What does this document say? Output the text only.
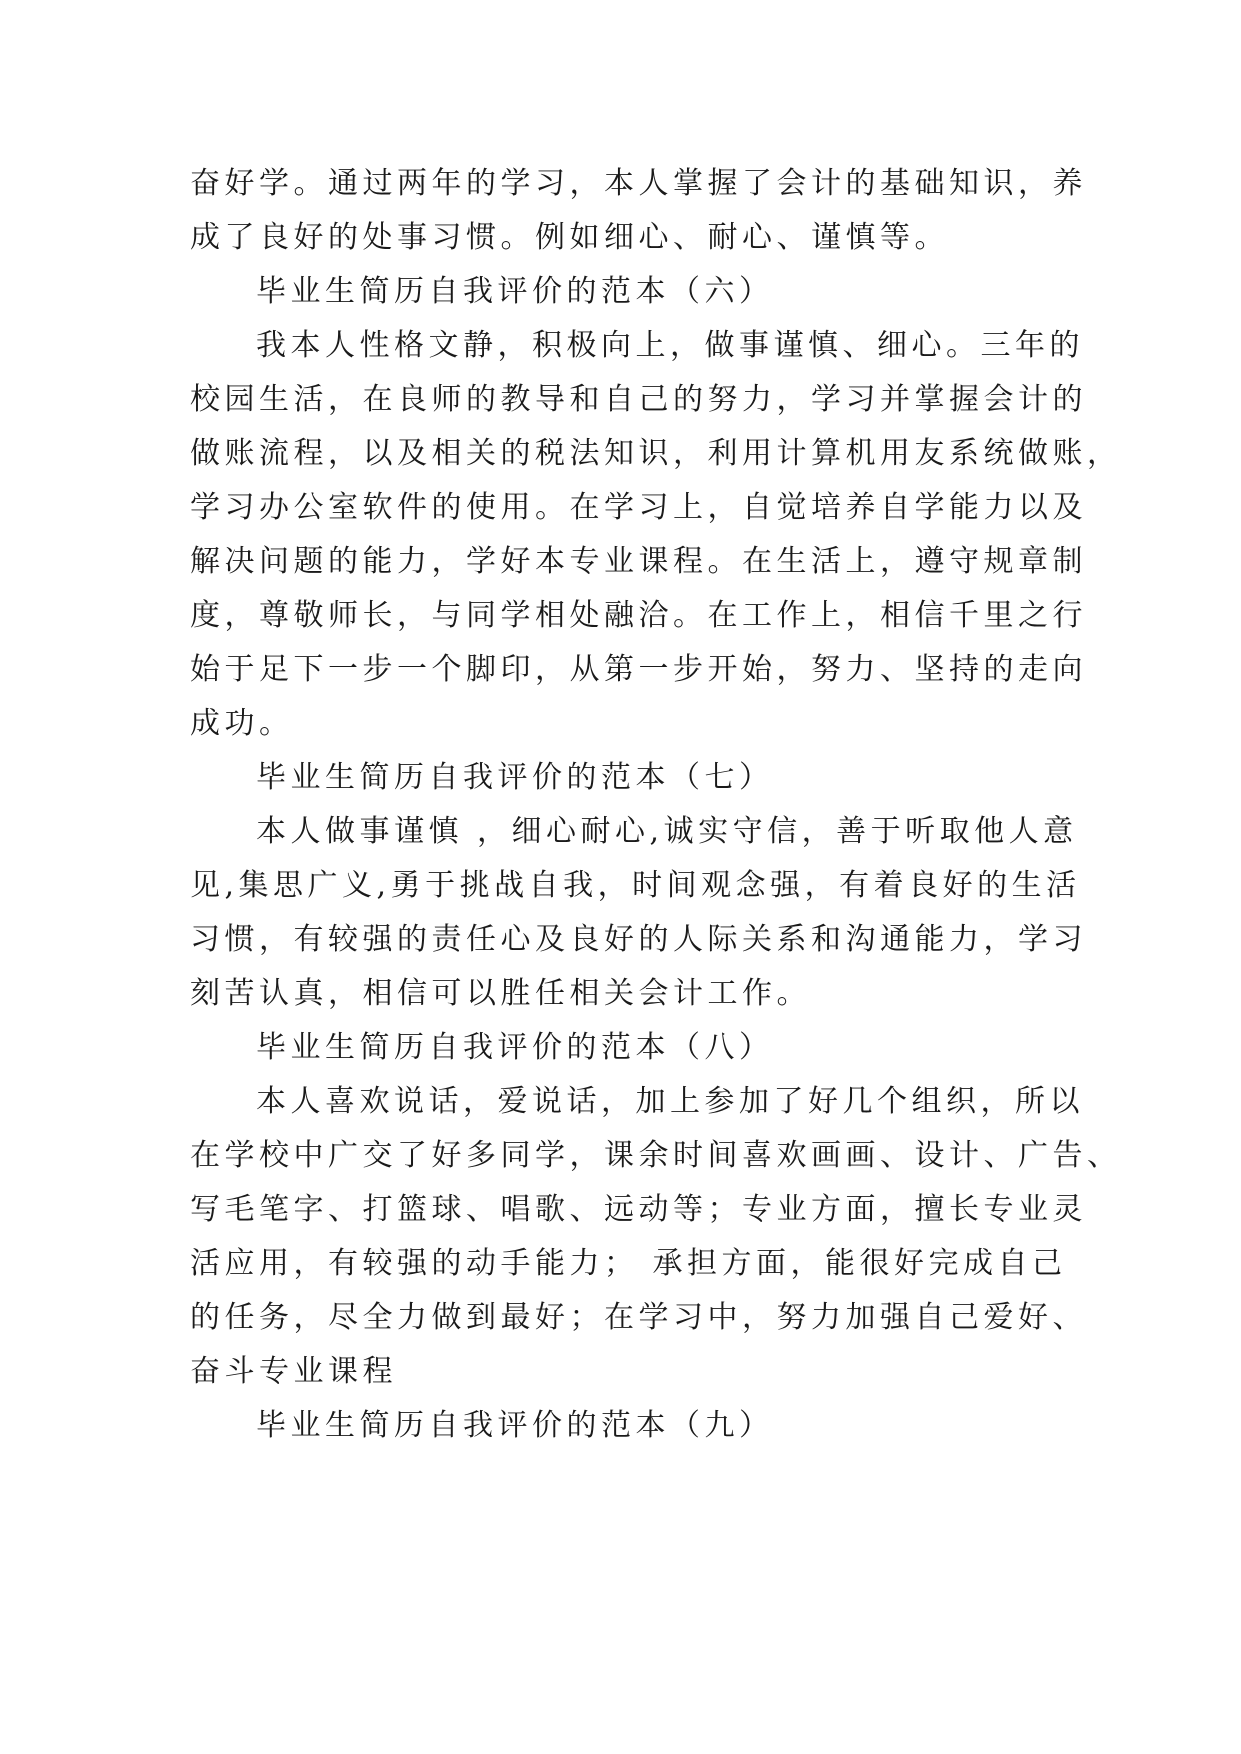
奋好学。通过两年的学习，本人掌握了会计的基础知识，养
成了良好的处事习惯。例如细心、耐心、谨慎等。
毕业生简历自我评价的范本（六）
我本人性格文静，积极向上，做事谨慎、细心。三年的
校园生活，在良师的教导和自己的努力，学习并掌握会计的
做账流程，以及相关的税法知识，利用计算机用友系统做账，
学习办公室软件的使用。在学习上，自觉培养自学能力以及
解决问题的能力，学好本专业课程。在生活上，遵守规章制
度，尊敬师长，与同学相处融洽。在工作上，相信千里之行
始于足下一步一个脚印，从第一步开始，努力、坚持的走向
成功。
毕业生简历自我评价的范本（七）
本人做事谨慎 ，细心耐心,诚实守信，善于听取他人意
见,集思广义,勇于挑战自我，时间观念强，有着良好的生活
习惯，有较强的责任心及良好的人际关系和沟通能力，学习
刻苦认真，相信可以胜任相关会计工作。
毕业生简历自我评价的范本（八）
本人喜欢说话，爱说话，加上参加了好几个组织，所以
在学校中广交了好多同学，课余时间喜欢画画、设计、广告、
写毛笔字、打篮球、唱歌、远动等；专业方面，擅长专业灵
活应用，有较强的动手能力； 承担方面，能很好完成自己
的任务，尽全力做到最好；在学习中，努力加强自己爱好、
奋斗专业课程
毕业生简历自我评价的范本（九）
